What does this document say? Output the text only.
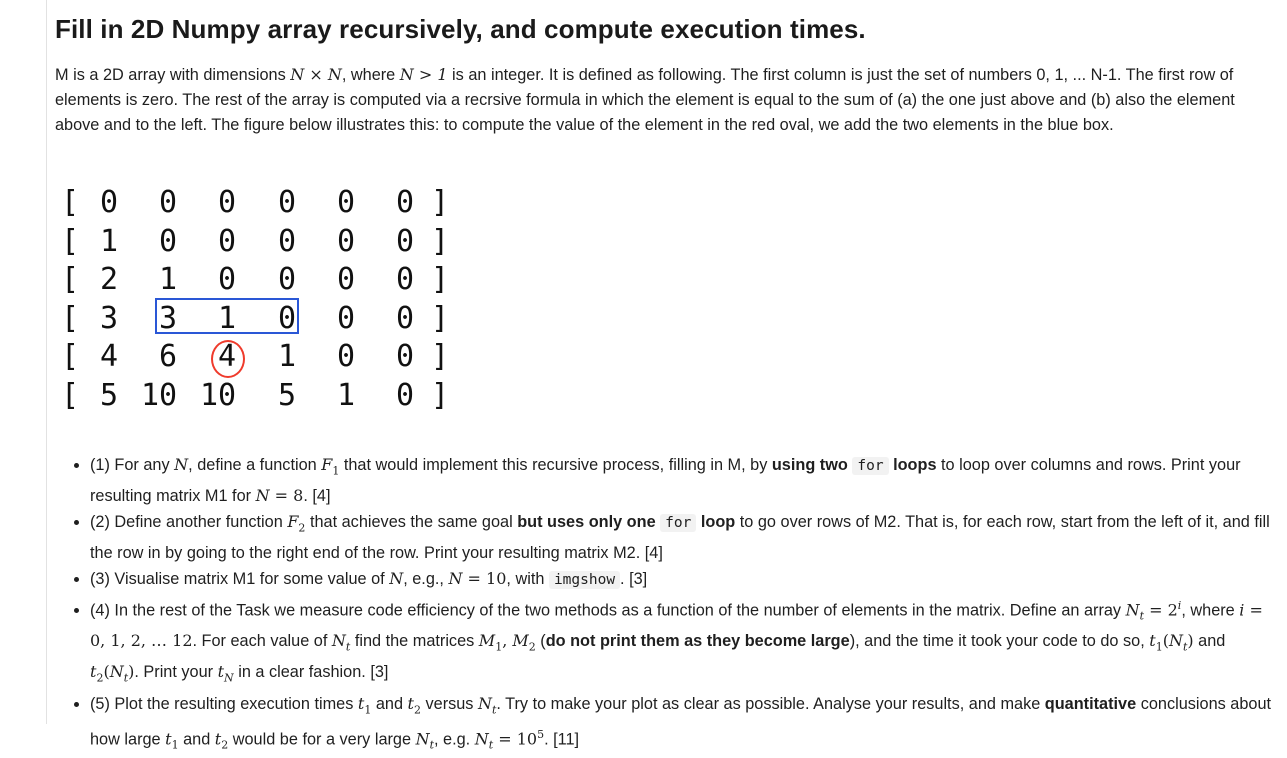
Fill in 2D Numpy array recursively, and compute execution times.
M is a 2D array with dimensions N × N, where N > 1 is an integer. It is defined as following. The first column is just the set of numbers 0, 1, ... N-1. The first row of elements is zero. The rest of the array is computed via a recrsive formula in which the element is equal to the sum of (a) the one just above and (b) also the element above and to the left. The figure below illustrates this: to compute the value of the element in the red oval, we add the two elements in the blue box.
[ 0 0 0 0 0 0 ]
[ 1 0 0 0 0 0 ]
[ 2 1 0 0 0 0 ]
[ 3 3 1 0 0 0 ]
[ 4 6 4 1 0 0 ]
[ 5 10 10 5 1 0 ]
• (1) For any N, define a function $F_1$ that would implement this recursive process, filling in M, by using two for loops to loop over columns and rows. Print your resulting matrix M1 for N = 8. [4]
• (2) Define another function $F_2$ that achieves the same goal but uses only one for loop to go over rows of M2. That is, for each row, start from the left of it, and fill the row in by going to the right end of the row. Print your resulting matrix M2. [4]
• (3) Visualise matrix M1 for some value of N, e.g., N = 10, with imgshow . [3]
• (4) In the rest of the Task we measure code efficiency of the two methods as a function of the number of elements in the matrix. Define an array $N_t = 2^i$, where i = 0, 1, 2, … 12. For each value of $N_t$ find the matrices $M_1$, $M_2$ (do not print them as they become large), and the time it took your code to do so, $t_1(N_t)$ and $t_2(N_t)$. Print your $t_N$ in a clear fashion. [3]
• (5) Plot the resulting execution times $t_1$ and $t_2$ versus $N_t$. Try to make your plot as clear as possible. Analyse your results, and make quantitative conclusions about how large $t_1$ and $t_2$ would be for a very large $N_t$, e.g. $N_t = 10^5$. [11]
